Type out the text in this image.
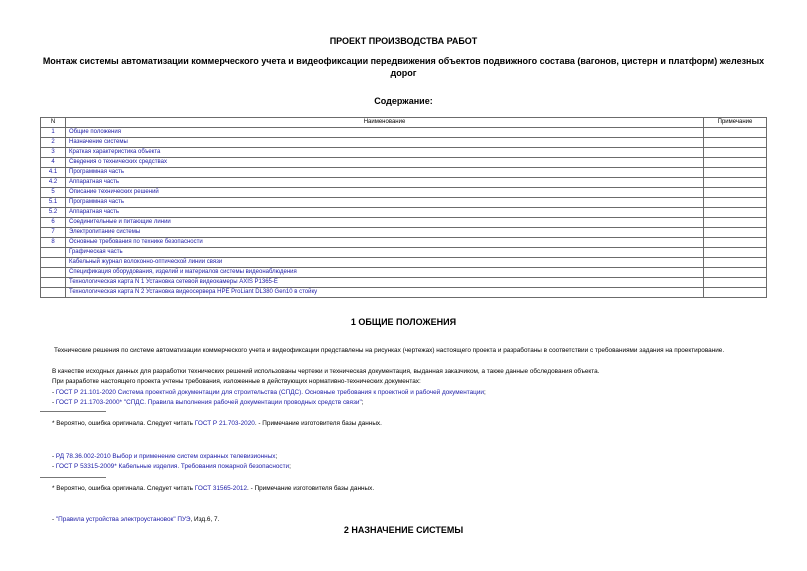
ПРОЕКТ ПРОИЗВОДСТВА РАБОТ
Монтаж системы автоматизации коммерческого учета и видеофиксации передвижения объектов подвижного состава (вагонов, цистерн и платформ) железных дорог
Содержание:
N	Наименование	Примечание
1	Общие положения	
2	Назначение системы	
3	Краткая характеристика объекта	
4	Сведения о технических средствах	
4.1	Программная часть	
4.2	Аппаратная часть	
5	Описание технических решений	
5.1	Программная часть	
5.2	Аппаратная часть	
6	Соединительные и питающие линии	
7	Электропитание системы	
8	Основные требования по технике безопасности	
	Графическая часть	
	Кабельный журнал волоконно-оптической линии связи	
	Спецификация оборудования, изделий и материалов системы видеонаблюдения	
	Технологическая карта N 1 Установка сетевой видеокамеры AXIS P1365-E	
	Технологическая карта N 2 Установка видеосервера HPE ProLiant DL380 Gen10 в стойку	
1 ОБЩИЕ ПОЛОЖЕНИЯ
Технические решения по системе автоматизации коммерческого учета и видеофиксации представлены на рисунках (чертежах) настоящего проекта и разработаны в соответствии с требованиями задания на проектирование.
В качестве исходных данных для разработки технических решений использованы чертежи и техническая документация, выданная заказчиком, а также данные обследования объекта.
При разработке настоящего проекта учтены требования, изложенные в действующих нормативно-технических документах:
- ГОСТ Р 21.101-2020 Система проектной документации для строительства (СПДС). Основные требования к проектной и рабочей документации;
- ГОСТ Р 21.1703-2000* "СПДС. Правила выполнения рабочей документации проводных средств связи";
* Вероятно, ошибка оригинала. Следует читать ГОСТ Р 21.703-2020. - Примечание изготовителя базы данных.
- РД 78.36.002-2010 Выбор и применение систем охранных телевизионных;
- ГОСТ Р 53315-2009* Кабельные изделия. Требования пожарной безопасности;
* Вероятно, ошибка оригинала. Следует читать ГОСТ 31565-2012. - Примечание изготовителя базы данных.
- "Правила устройства электроустановок" ПУЭ, Изд.6, 7.
2 НАЗНАЧЕНИЕ СИСТЕМЫ
